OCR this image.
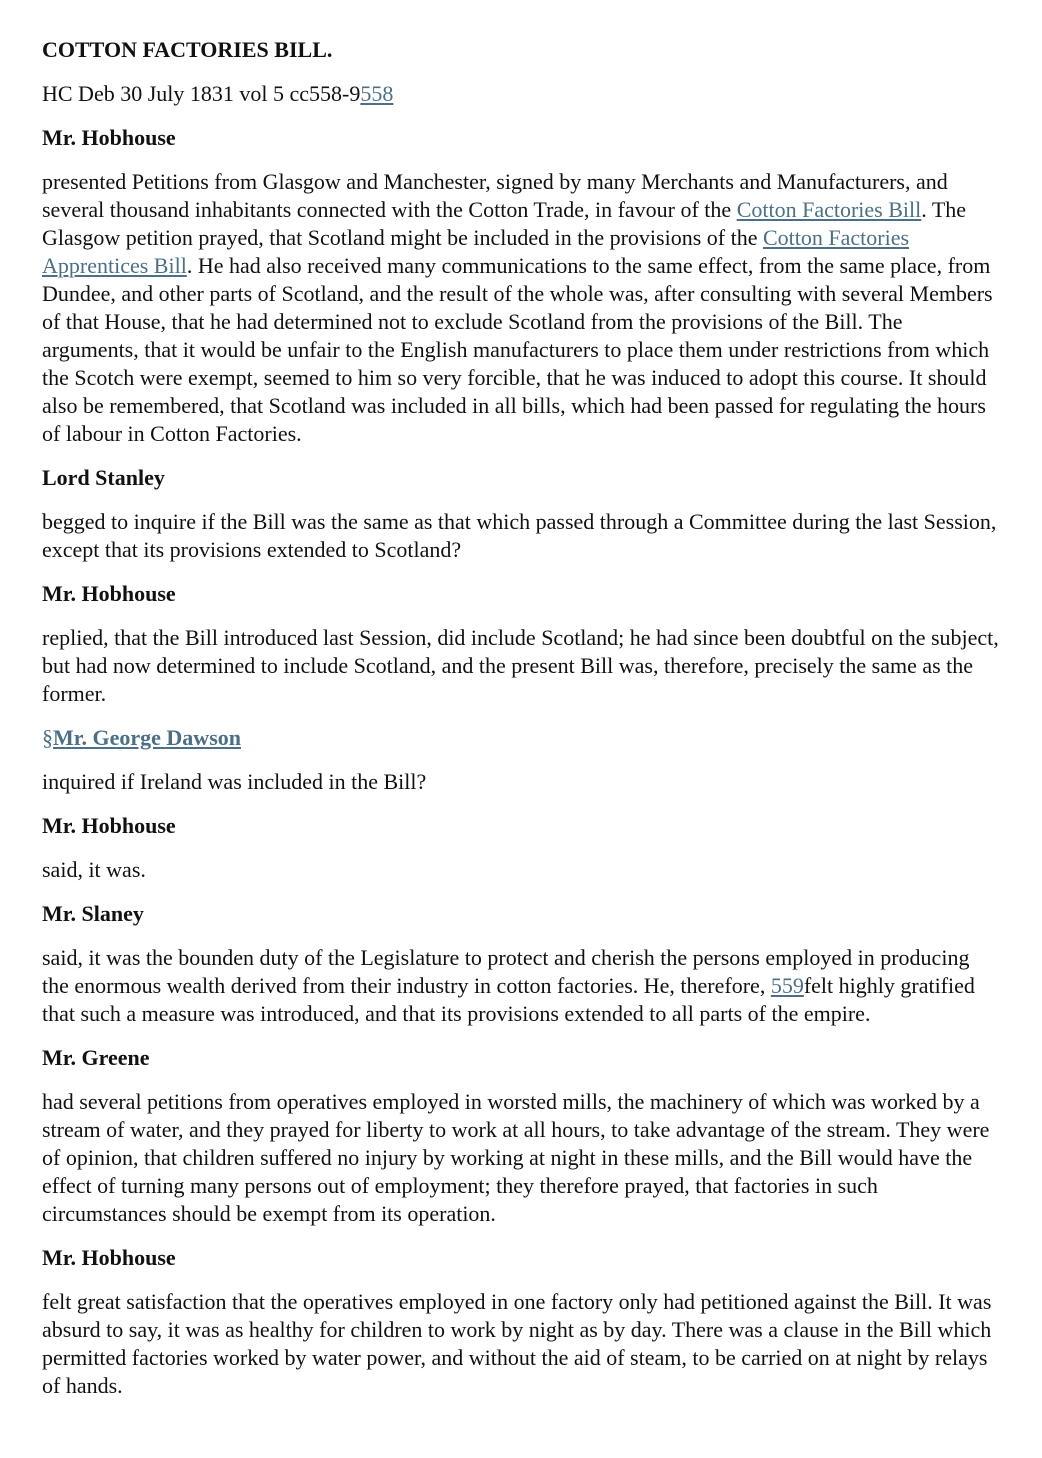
COTTON FACTORIES BILL.

HC Deb 30 July 1831 vol 5 cc558-9558

Mr. Hobhouse

presented Petitions from Glasgow and Manchester, signed by many Merchants and Manufacturers, and several thousand inhabitants connected with the Cotton Trade, in favour of the Cotton Factories Bill. The Glasgow petition prayed, that Scotland might be included in the provisions of the Cotton Factories Apprentices Bill. He had also received many communications to the same effect, from the same place, from Dundee, and other parts of Scotland, and the result of the whole was, after consulting with several Members of that House, that he had determined not to exclude Scotland from the provisions of the Bill. The arguments, that it would be unfair to the English manufacturers to place them under restrictions from which the Scotch were exempt, seemed to him so very forcible, that he was induced to adopt this course. It should also be remembered, that Scotland was included in all bills, which had been passed for regulating the hours of labour in Cotton Factories.

Lord Stanley

begged to inquire if the Bill was the same as that which passed through a Committee during the last Session, except that its provisions extended to Scotland?

Mr. Hobhouse

replied, that the Bill introduced last Session, did include Scotland; he had since been doubtful on the subject, but had now determined to include Scotland, and the present Bill was, therefore, precisely the same as the former.

§Mr. George Dawson

inquired if Ireland was included in the Bill?

Mr. Hobhouse

said, it was.

Mr. Slaney

said, it was the bounden duty of the Legislature to protect and cherish the persons employed in producing the enormous wealth derived from their industry in cotton factories. He, therefore, 559felt highly gratified that such a measure was introduced, and that its provisions extended to all parts of the empire.

Mr. Greene

had several petitions from operatives employed in worsted mills, the machinery of which was worked by a stream of water, and they prayed for liberty to work at all hours, to take advantage of the stream. They were of opinion, that children suffered no injury by working at night in these mills, and the Bill would have the effect of turning many persons out of employment; they therefore prayed, that factories in such circumstances should be exempt from its operation.

Mr. Hobhouse

felt great satisfaction that the operatives employed in one factory only had petitioned against the Bill. It was absurd to say, it was as healthy for children to work by night as by day. There was a clause in the Bill which permitted factories worked by water power, and without the aid of steam, to be carried on at night by relays of hands.
